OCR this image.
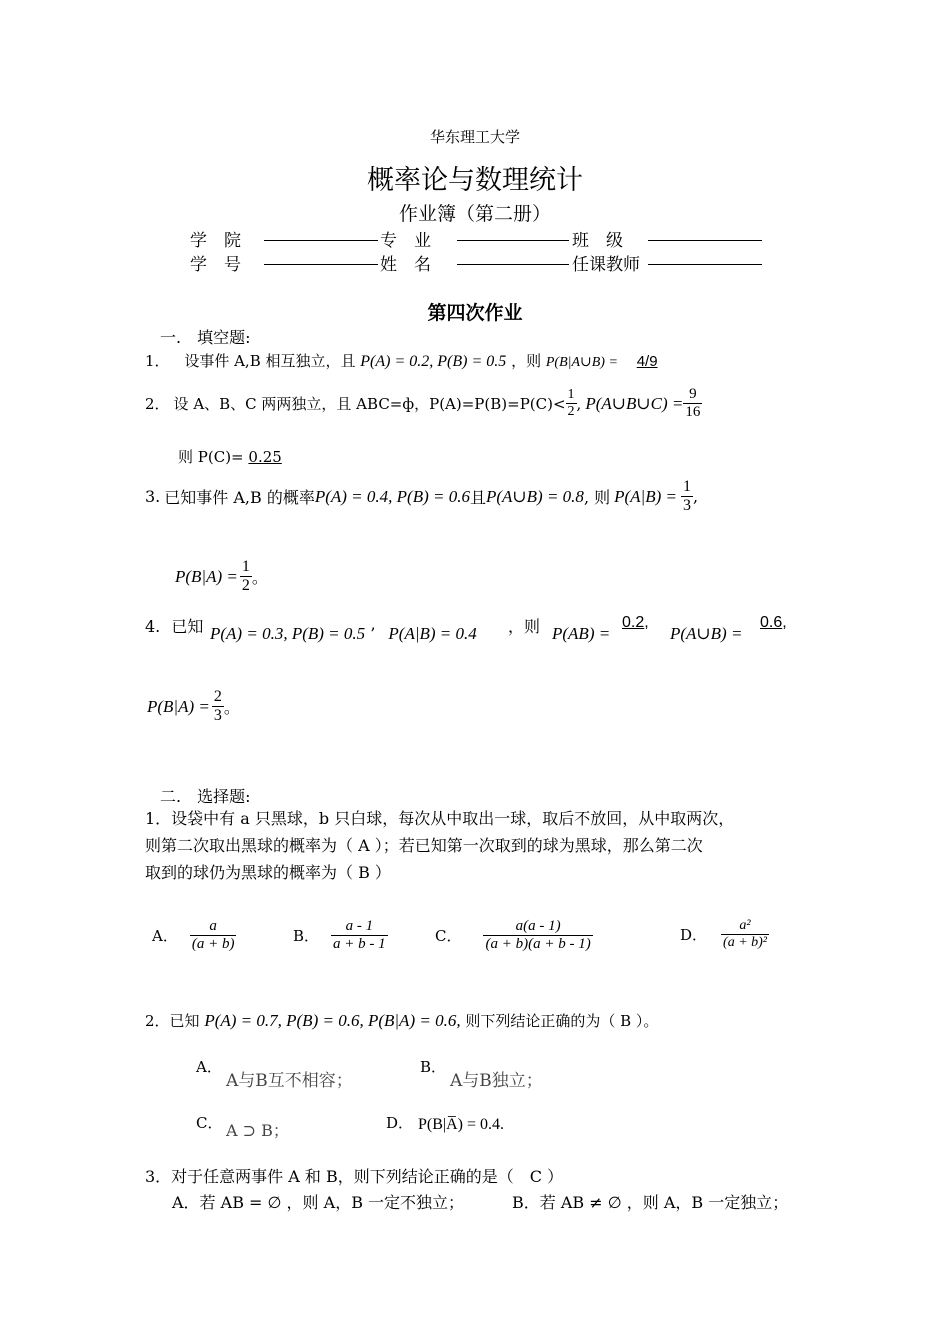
华东理工大学
概率论与数理统计
作业簿（第二册）
学　院	专　业	班　级
学　号	姓　名	任课教师
第四次作业
一.　填空题:
1． 设事件 A,B 相互独立，且 P(A) = 0.2, P(B) = 0.5 ，则 P(B|A∪B) = 4/9
2． 设 A、B、C 两两独立，且 ABC=ф，$P(A)=P(B)=P(C)< \frac{1}{2}$ , P(A∪B∪C) = $\frac{9}{16}$
则 P(C)= 0.25
3. 已知事件 A,B 的概率 P(A) = 0.4, P(B) = 0.6 且 P(A∪B) = 0.8 , 则 $P(A|B) = \frac{1}{3}$ ,
$P(B|A) = \frac{1}{2}$ 。
4. 已知 P(A) = 0.3, P(B) = 0.5 ’ P(A|B) = 0.4 ，则 P(AB) =
0.2,
P(A∪B) =
0.6,
$P(B|A) = \frac{2}{3}$ 。
二.　选择题:
1．设袋中有 a 只黑球，b 只白球，每次从中取出一球，取后不放回，从中取两次，
则第二次取出黑球的概率为（ A ）；若已知第一次取到的球为黑球，那么第二次
取到的球仍为黑球的概率为（ B ）
A． $\frac{a}{(a + b)}$	B． $\frac{a - 1}{a + b - 1}$	C． $\frac{a(a - 1)}{(a + b)(a + b - 1)}$	D． $\frac{\text{a²}}{\text{(a + b)²}}$
2．已知 P(A) = 0.7, P(B) = 0.6, P(B|A) = 0.6, 则下列结论正确的为（ B ）。
A．
A与B互不相容；
B．
A与B独立；
C． A ⊃ B；	D． P(B|A̅) = 0.4.
3．对于任意两事件 A 和 B，则下列结论正确的是（　C ）
A．若 AB = ∅ ，则 A，B 一定不独立；	B．若 AB ≠ ∅ ，则 A，B 一定独立；
